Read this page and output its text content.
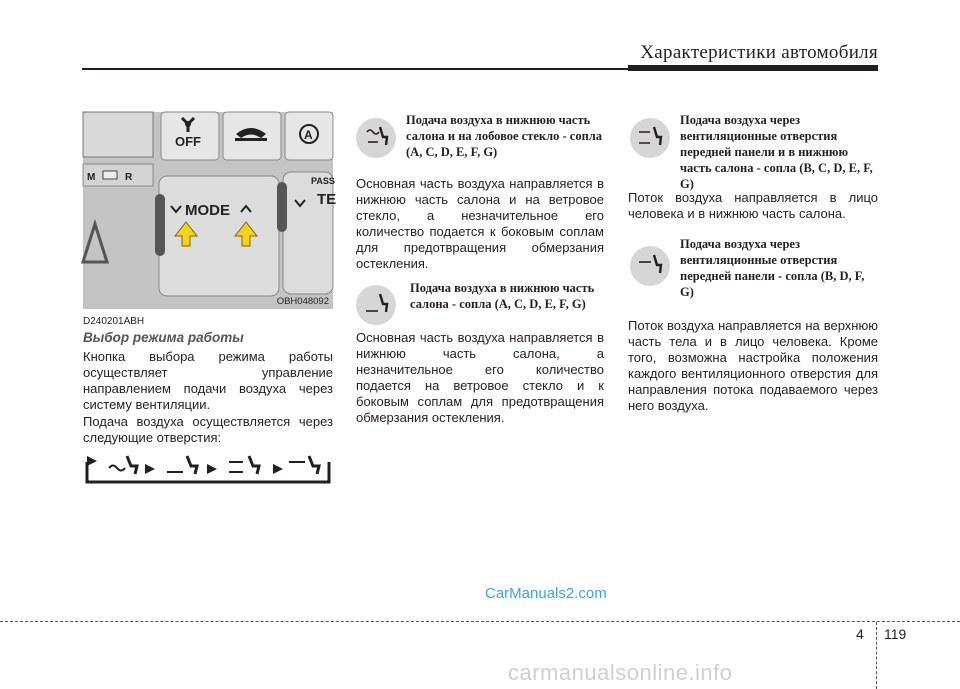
Характеристики автомобиля
OFF	A
M	R
MODE
PASS
TE
OBH048092
D240201ABH
Выбор режима работы
Кнопка выбора режима работы осуществляет управление направлением подачи воздуха через систему вентиляции.
Подача воздуха осуществляется через следующие отверстия:
Подача воздуха в нижнюю часть салона и на лобовое стекло - сопла (A, C, D, E, F, G)
Основная часть воздуха направляется в нижнюю часть салона и на ветровое стекло, а незначительное его количество подается к боковым соплам для предотвращения обмерзания остекления.
Подача воздуха в нижнюю часть салона - сопла (A, C, D, E, F, G)
Основная часть воздуха направляется в нижнюю часть салона, а незначительное его количество подается на ветровое стекло и к боковым соплам для предотвращения обмерзания остекления.
Подача воздуха через вентиляционные отверстия передней панели и в нижнюю часть салона - сопла (B, C, D, E, F, G)
Поток воздуха направляется в лицо человека и в нижнюю часть салона.
Подача воздуха через вентиляционные отверстия передней панели - сопла (B, D, F, G)
Поток воздуха направляется на верхнюю часть тела и в лицо человека. Кроме того, возможна настройка положения каждого вентиляционного отверстия для направления потока подаваемого через него воздуха.
CarManuals2.com
4 119
carmanualsonline.info
